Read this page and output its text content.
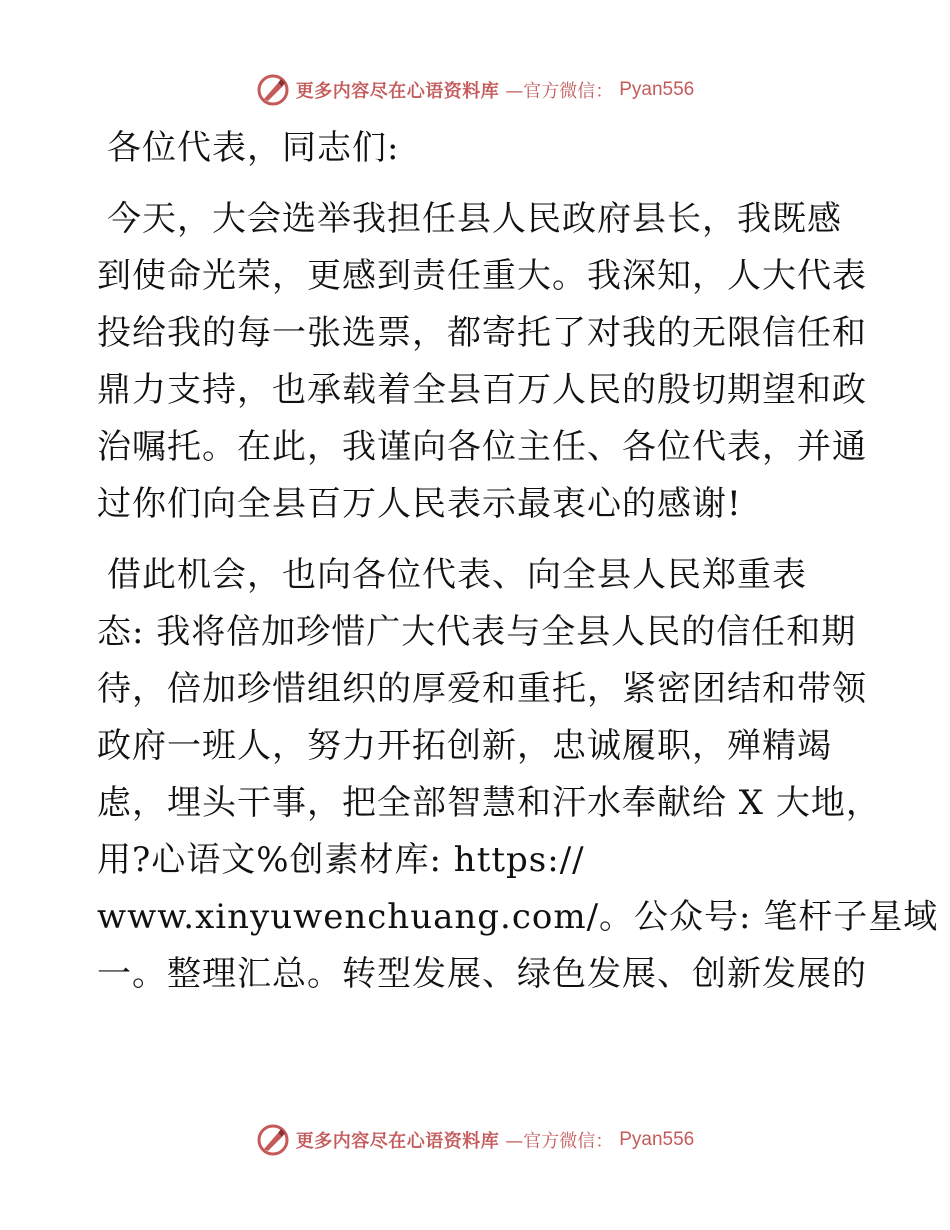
更多内容尽在心语资料库 —官方微信： Pyan556
各位代表，同志们:
今天，大会选举我担任县人民政府县长，我既感
到使命光荣，更感到责任重大。我深知，人大代表
投给我的每一张选票，都寄托了对我的无限信任和
鼎力支持，也承载着全县百万人民的殷切期望和政
治嘱托。在此，我谨向各位主任、各位代表，并通
过你们向全县百万人民表示最衷心的感谢!
借此机会，也向各位代表、向全县人民郑重表
态: 我将倍加珍惜广大代表与全县人民的信任和期
待，倍加珍惜组织的厚爱和重托，紧密团结和带领
政府一班人，努力开拓创新，忠诚履职，殚精竭
虑，埋头干事，把全部智慧和汗水奉献给 X 大地，
用?心语文%创素材库: https://
www.xinyuwenchuang.com/。公众号: 笔杆子星域
一。整理汇总。转型发展、绿色发展、创新发展的
更多内容尽在心语资料库 —官方微信： Pyan556
